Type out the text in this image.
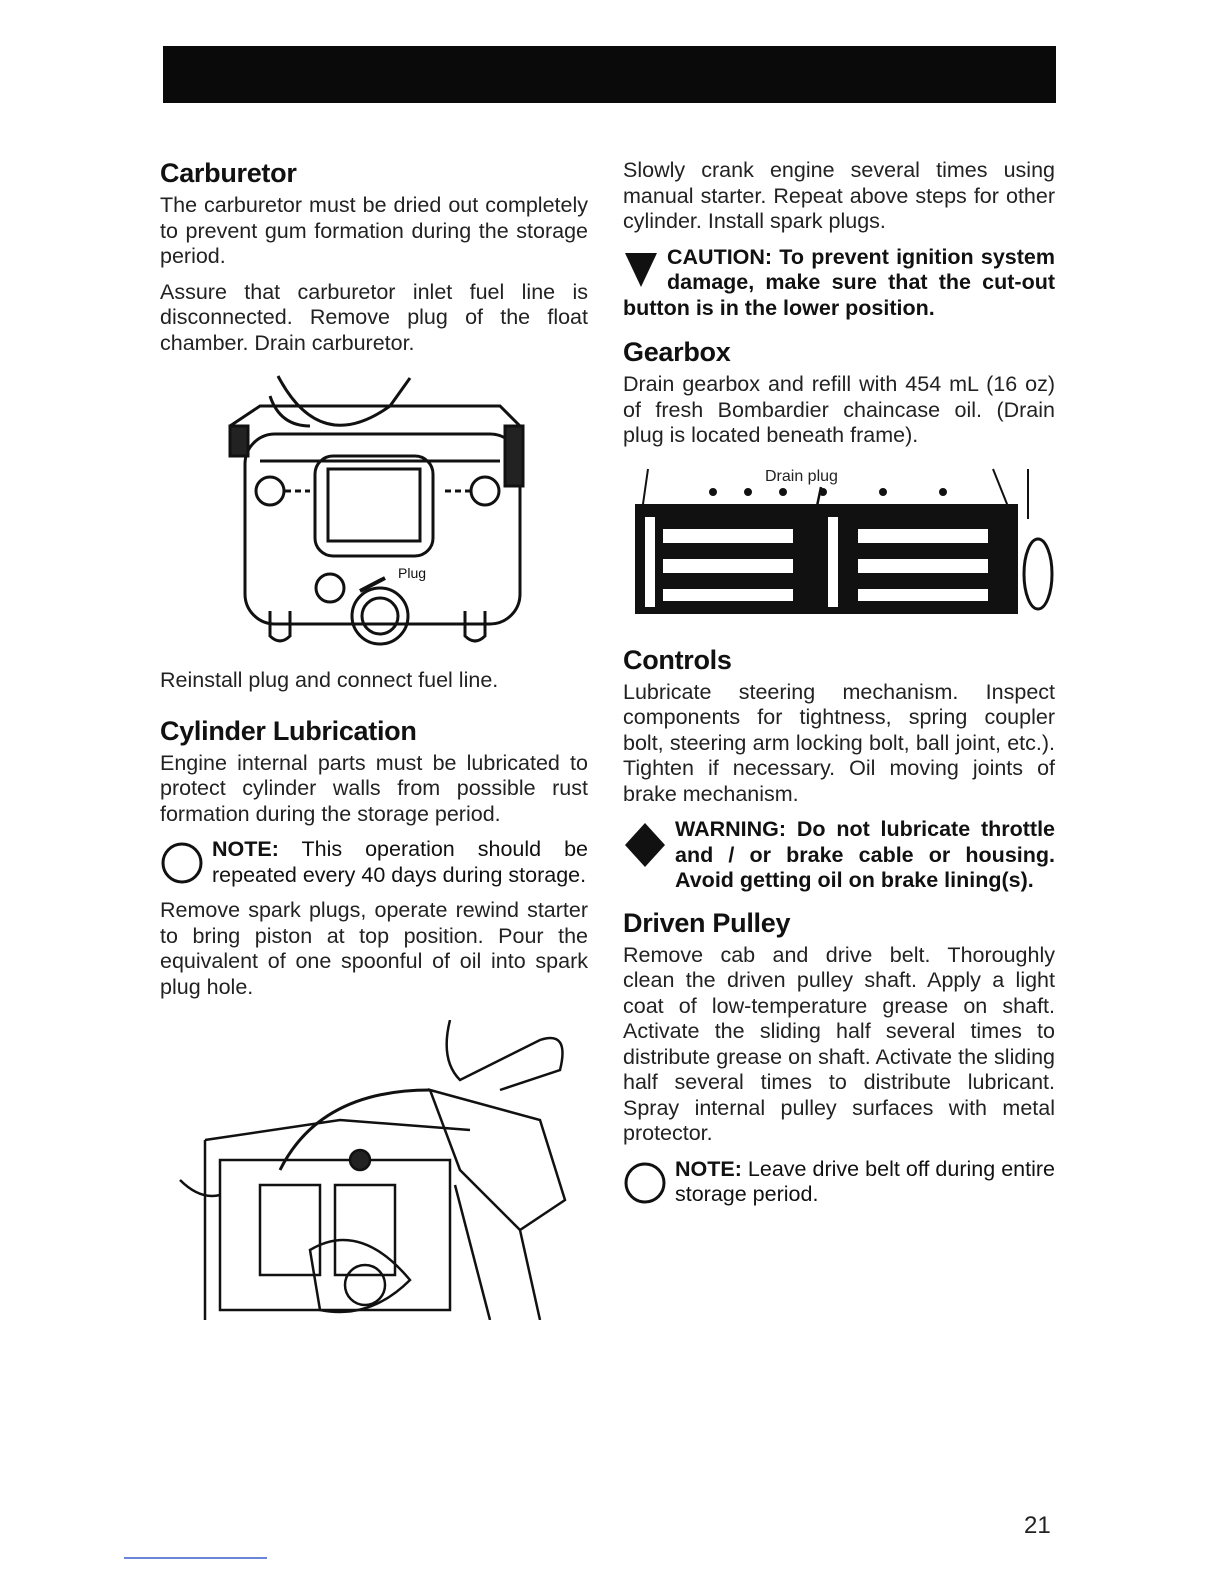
Carburetor

The carburetor must be dried out completely to prevent gum formation during the storage period.

Assure that carburetor inlet fuel line is disconnected. Remove plug of the float chamber. Drain carburetor.

Plug

Reinstall plug and connect fuel line.

Cylinder Lubrication

Engine internal parts must be lubricated to protect cylinder walls from possible rust formation during the storage period.

NOTE: This operation should be repeated every 40 days during storage.

Remove spark plugs, operate rewind starter to bring piston at top position. Pour the equivalent of one spoonful of oil into spark plug hole.

Slowly crank engine several times using manual starter. Repeat above steps for other cylinder. Install spark plugs.

CAUTION: To prevent ignition system damage, make sure that the cut-out button is in the lower position.
Gearbox

Drain gearbox and refill with 454 mL (16 oz) of fresh Bombardier chaincase oil. (Drain plug is located beneath frame).

Drain plug
Controls

Lubricate steering mechanism. Inspect components for tightness, spring coupler bolt, steering arm locking bolt, ball joint, etc.). Tighten if necessary. Oil moving joints of brake mechanism.

WARNING: Do not lubricate throttle and / or brake cable or housing. Avoid getting oil on brake lining(s).
Driven Pulley

Remove cab and drive belt. Thoroughly clean the driven pulley shaft. Apply a light coat of low-temperature grease on shaft. Activate the sliding half several times to distribute grease on shaft. Activate the sliding half several times to distribute lubricant. Spray internal pulley surfaces with metal protector.

NOTE: Leave drive belt off during entire storage period.
21
